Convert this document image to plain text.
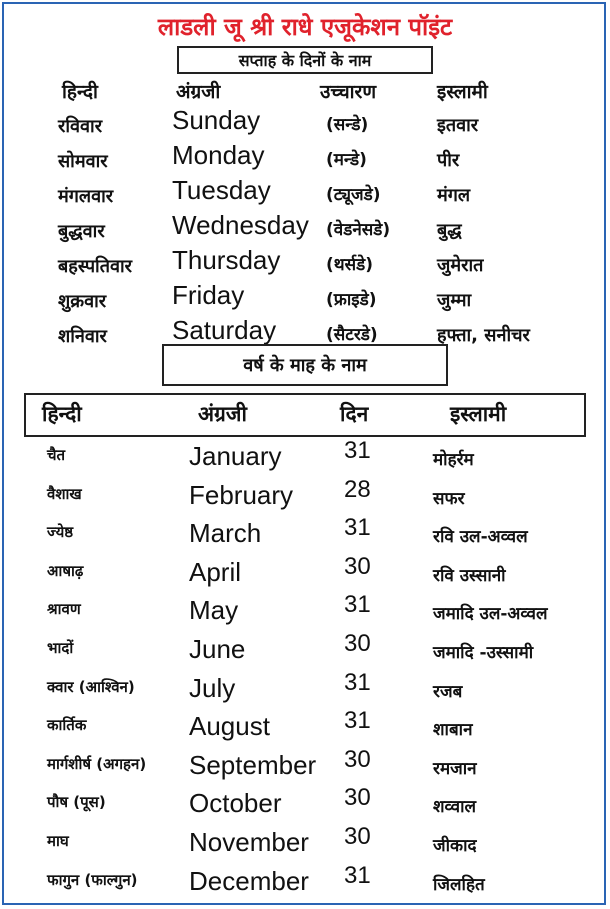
लाडली जू श्री राधे एजूकेशन पॉइंट
सप्ताह के दिनों के नाम
हिन्दी	अंग्रजी	उच्चारण	इस्लामी
रविवार	Sunday	(सन्डे)	इतवार
सोमवार Monday	(मन्डे)	पीर
मंगलवार Tuesday	(ट्यूजडे)	मंगल
बुद्धवार	Wednesday (वेडनेसडे)	बुद्ध
बहस्पतिवार Thursday	(थर्सडे)	जुमेरात
शुक्रवार	Friday	(फ्राइडे)	जुम्मा
शनिवार	Saturday	(सैटरडे)	हफ्ता, सनीचर
वर्ष के माह के नाम
हिन्दी	अंग्रजी	दिन	इस्लामी
चैत	January	31	मोहर्रम
वैशाख	February 28	सफर
ज्येष्ठ	March	31	रवि उल-अव्वल
आषाढ़	April	30	रवि उस्सानी
श्रावण	May	31	जमादि उल-अव्वल
भादों	June	30	जमादि -उस्सामी
क्वार (आश्विन) July	31	रजब
कार्तिक	August	31	शाबान
मार्गशीर्ष (अगहन) September 30	रमजान
पौष (पूस)	October	30	शव्वाल
माघ	November 30	जीकाद
फागुन (फाल्गुन) December 31	जिलहित
